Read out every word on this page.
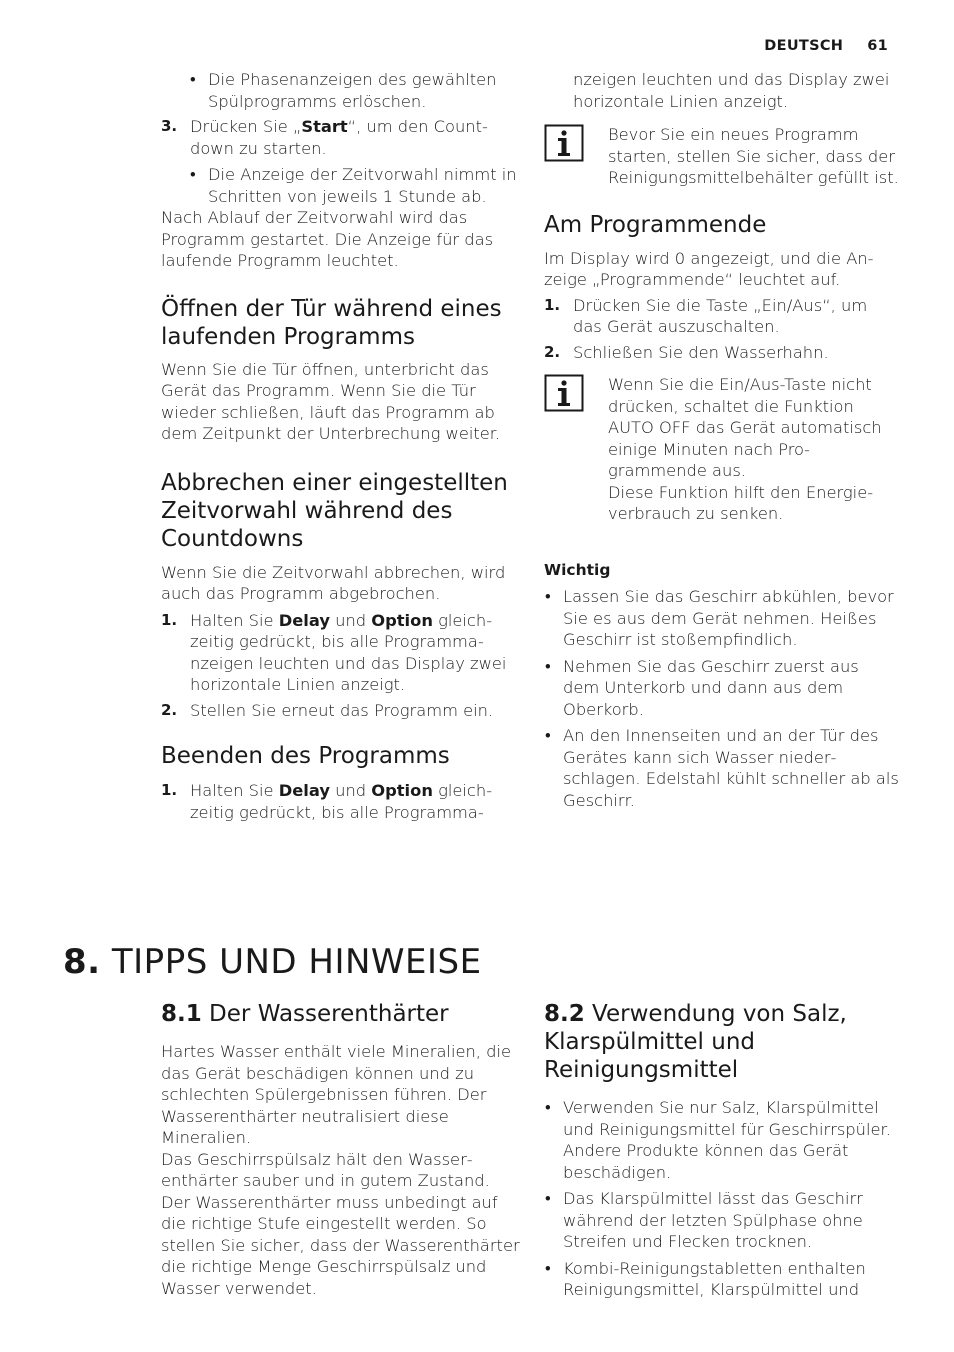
DEUTSCH 61
• Die Phasenanzeigen des gewählten Spülprogramms erlöschen.
3. Drücken Sie „Start“, um den Countdown zu starten.
• Die Anzeige der Zeitvorwahl nimmt in Schritten von jeweils 1 Stunde ab.

Nach Ablauf der Zeitvorwahl wird das Programm gestartet. Die Anzeige für das laufende Programm leuchtet.

Öffnen der Tür während eines laufenden Programms

Wenn Sie die Tür öffnen, unterbricht das Gerät das Programm. Wenn Sie die Tür wieder schließen, läuft das Programm ab dem Zeitpunkt der Unterbrechung weiter.

Abbrechen einer eingestellten Zeitvorwahl während des Countdowns

Wenn Sie die Zeitvorwahl abbrechen, wird auch das Programm abgebrochen.

1. Halten Sie Delay und Option gleichzeitig gedrückt, bis alle Programmanzeigen leuchten und das Display zwei horizontale Linien anzeigt.
2. Stellen Sie erneut das Programm ein.
Beenden des Programms
1. Halten Sie Delay und Option gleichzeitig gedrückt, bis alle Programma-

nzeigen leuchten und das Display zwei horizontale Linien anzeigt.

Bevor Sie ein neues Programm starten, stellen Sie sicher, dass der Reinigungsmittelbehälter gefüllt ist.

Am Programmende

Im Display wird 0 angezeigt, und die Anzeige „Programmende“ leuchtet auf.

1. Drücken Sie die Taste „Ein/Aus“, um das Gerät auszuschalten.
2. Schließen Sie den Wasserhahn.

Wenn Sie die Ein/Aus-Taste nicht drücken, schaltet die Funktion AUTO OFF das Gerät automatisch einige Minuten nach Programmende aus.

Diese Funktion hilft den Energieverbrauch zu senken.

Wichtig
• Lassen Sie das Geschirr abkühlen, bevor Sie es aus dem Gerät nehmen. Heißes Geschirr ist stoßempfindlich.
• Nehmen Sie das Geschirr zuerst aus dem Unterkorb und dann aus dem Oberkorb.
• An den Innenseiten und an der Tür des Gerätes kann sich Wasser niederschlagen. Edelstahl kühlt schneller ab als Geschirr.
8. TIPPS UND HINWEISE
8.1 Der Wasserenthärter

Hartes Wasser enthält viele Mineralien, die das Gerät beschädigen können und zu schlechten Spülergebnissen führen. Der Wasserenthärter neutralisiert diese Mineralien.

Das Geschirrspülsalz hält den Wasserenthärter sauber und in gutem Zustand. Der Wasserenthärter muss unbedingt auf die richtige Stufe eingestellt werden. So stellen Sie sicher, dass der Wasserenthärter die richtige Menge Geschirrspülsalz und Wasser verwendet.

8.2 Verwendung von Salz, Klarspülmittel und Reinigungsmittel
• Verwenden Sie nur Salz, Klarspülmittel und Reinigungsmittel für Geschirrspüler. Andere Produkte können das Gerät beschädigen.
• Das Klarspülmittel lässt das Geschirr während der letzten Spülphase ohne Streifen und Flecken trocknen.
• Kombi-Reinigungstabletten enthalten Reinigungsmittel, Klarspülmittel und
